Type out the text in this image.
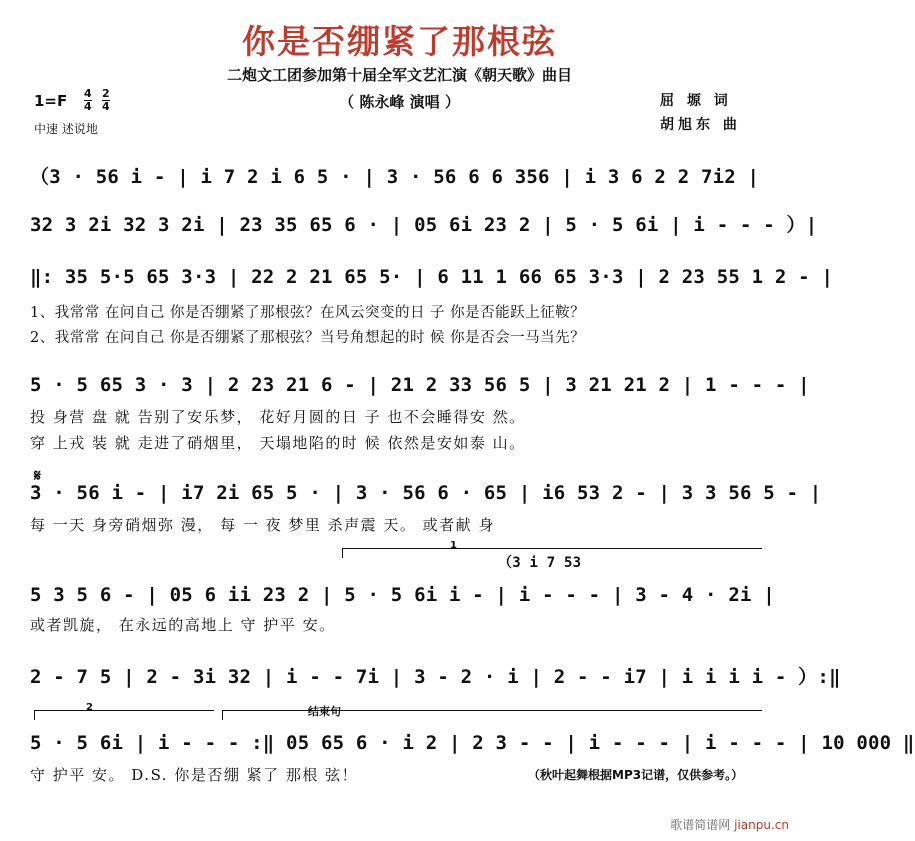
你是否绷紧了那根弦
二炮文工团参加第十届全军文艺汇演《朝天歌》曲目
（ 陈永峰 演唱 ）
1=F 4
4
2
4
中速 述说地
屈 塬 词
胡旭东 曲
（3 · 56 i - | i 7 2 i 6 5 · | 3 · 56 6 6 356 | i 3 6 2 2 7i2 |
32 3 2i 32 3 2i | 23 35 65 6 · | 05 6i 23 2 | 5 · 5 6i | i - - - ）|
‖: 35 5·5 65 3·3 | 22 2 21 65 5· | 6 11 1 66 65 3·3 | 2 23 55 1 2 - |
1、我常常 在问自己 你是否绷紧了那根弦？在风云突变的日 子 你是否能跃上征鞍？
2、我常常 在问自己 你是否绷紧了那根弦？当号角想起的时 候 你是否会一马当先？
5 · 5 65 3 · 3 | 2 23 21 6 - | 21 2 33 56 5 | 3 21 21 2 | 1 - - - |
投 身营 盘 就 告别了安乐梦， 花好月圆的日 子 也不会睡得安 然。
穿 上戎 装 就 走进了硝烟里， 天塌地陷的时 候 依然是安如泰 山。
𝄋
3 · 56 i - | i7 2i 65 5 · | 3 · 56 6 · 65 | i6 53 2 - | 3 3 56 5 - |
每 一天 身旁硝烟弥 漫， 每 一 夜 梦里 杀声震 天。 或者献 身
1
（3 i 7 53
5 3 5 6 - | 05 6 ii 23 2 | 5 · 5 6i i - | i - - - | 3 - 4 · 2i |
或者凯旋， 在永远的高地上 守 护平 安。
2 - 7 5 | 2 - 3i 32 | i - - 7i | 3 - 2 · i | 2 - - i7 | i i i i - ）:‖
2	结束句
5 · 5 6i | i - - - :‖ 05 65 6 · i 2 | 2 3 - - | i - - - | i - - - | 10 000 ‖
守 护平 安。 D.S. 你是否绷 紧了 那根 弦！	（秋叶起舞根据MP3记谱，仅供参考。）
歌谱简谱网 jianpu.cn
